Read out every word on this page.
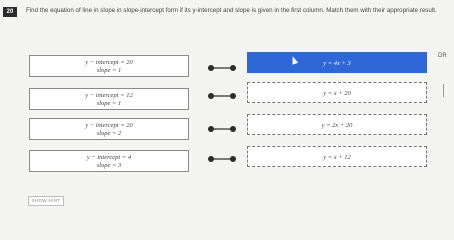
20	Find the equation of line in slope in slope-intercept form if its y-intercept and slope is given in the first column. Match them with their appropriate result.
y − intercept = 20
slope = 1
y = 4x + 3
y − intercept = 12
slope = 1
y = x + 20
y − intercept = 20
slope = 2
y = 2x + 20
y − intercept = 4
slope = 3
y = x + 12
DR
SHOW HINT
